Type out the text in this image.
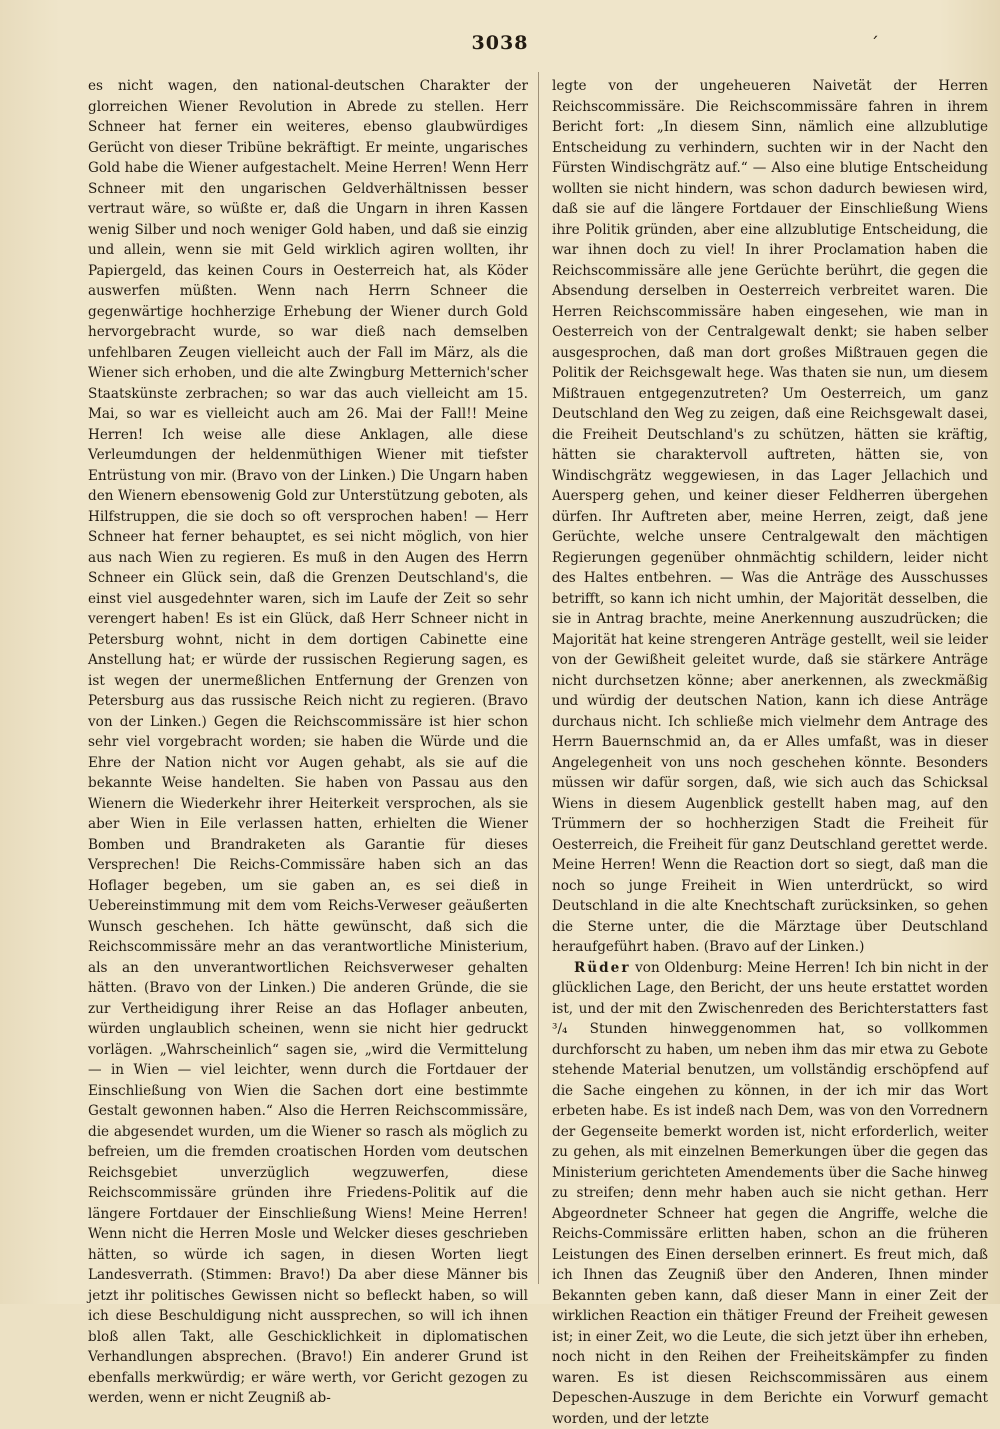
3038	´

es nicht wagen, den national-deutschen Charakter der glorreichen Wiener Revolution in Abrede zu stellen. Herr Schneer hat ferner ein weiteres, ebenso glaubwürdiges Gerücht von dieser Tribüne bekräftigt. Er meinte, ungarisches Gold habe die Wiener aufgestachelt. Meine Herren! Wenn Herr Schneer mit den ungarischen Geldverhältnissen besser vertraut wäre, so wüßte er, daß die Ungarn in ihren Kassen wenig Silber und noch weniger Gold haben, und daß sie einzig und allein, wenn sie mit Geld wirklich agiren wollten, ihr Papiergeld, das keinen Cours in Oesterreich hat, als Köder auswerfen müßten. Wenn nach Herrn Schneer die gegenwärtige hochherzige Erhebung der Wiener durch Gold hervorgebracht wurde, so war dieß nach demselben unfehlbaren Zeugen vielleicht auch der Fall im März, als die Wiener sich erhoben, und die alte Zwingburg Metternich'scher Staatskünste zerbrachen; so war das auch vielleicht am 15. Mai, so war es vielleicht auch am 26. Mai der Fall!! Meine Herren! Ich weise alle diese Anklagen, alle diese Verleumdungen der heldenmüthigen Wiener mit tiefster Entrüstung von mir. (Bravo von der Linken.) Die Ungarn haben den Wienern ebensowenig Gold zur Unterstützung geboten, als Hilfstruppen, die sie doch so oft versprochen haben! — Herr Schneer hat ferner behauptet, es sei nicht möglich, von hier aus nach Wien zu regieren. Es muß in den Augen des Herrn Schneer ein Glück sein, daß die Grenzen Deutschland's, die einst viel ausgedehnter waren, sich im Laufe der Zeit so sehr verengert haben! Es ist ein Glück, daß Herr Schneer nicht in Petersburg wohnt, nicht in dem dortigen Cabinette eine Anstellung hat; er würde der russischen Regierung sagen, es ist wegen der unermeßlichen Entfernung der Grenzen von Petersburg aus das russische Reich nicht zu regieren. (Bravo von der Linken.) Gegen die Reichscommissäre ist hier schon sehr viel vorgebracht worden; sie haben die Würde und die Ehre der Nation nicht vor Augen gehabt, als sie auf die bekannte Weise handelten. Sie haben von Passau aus den Wienern die Wiederkehr ihrer Heiterkeit versprochen, als sie aber Wien in Eile verlassen hatten, erhielten die Wiener Bomben und Brandraketen als Garantie für dieses Versprechen! Die Reichs-Commissäre haben sich an das Hoflager begeben, um sie gaben an, es sei dieß in Uebereinstimmung mit dem vom Reichs-Verweser geäußerten Wunsch geschehen. Ich hätte gewünscht, daß sich die Reichscommissäre mehr an das verantwortliche Ministerium, als an den unverantwortlichen Reichsverweser gehalten hätten. (Bravo von der Linken.) Die anderen Gründe, die sie zur Vertheidigung ihrer Reise an das Hoflager anbeuten, würden unglaublich scheinen, wenn sie nicht hier gedruckt vorlägen. „Wahrscheinlich“ sagen sie, „wird die Vermittelung — in Wien — viel leichter, wenn durch die Fortdauer der Einschließung von Wien die Sachen dort eine bestimmte Gestalt gewonnen haben.“ Also die Herren Reichscommissäre, die abgesendet wurden, um die Wiener so rasch als möglich zu befreien, um die fremden croatischen Horden vom deutschen Reichsgebiet unverzüglich wegzuwerfen, diese Reichscommissäre gründen ihre Friedens-Politik auf die längere Fortdauer der Einschließung Wiens! Meine Herren! Wenn nicht die Herren Mosle und Welcker dieses geschrieben hätten, so würde ich sagen, in diesen Worten liegt Landesverrath. (Stimmen: Bravo!) Da aber diese Männer bis jetzt ihr politisches Gewissen nicht so befleckt haben, so will ich diese Beschuldigung nicht aussprechen, so will ich ihnen bloß allen Takt, alle Geschicklichkeit in diplomatischen Verhandlungen absprechen. (Bravo!) Ein anderer Grund ist ebenfalls merkwürdig; er wäre werth, vor Gericht gezogen zu werden, wenn er nicht Zeugniß ab-

legte von der ungeheueren Naivetät der Herren Reichscommissäre. Die Reichscommissäre fahren in ihrem Bericht fort: „In diesem Sinn, nämlich eine allzublutige Entscheidung zu verhindern, suchten wir in der Nacht den Fürsten Windischgrätz auf.“ — Also eine blutige Entscheidung wollten sie nicht hindern, was schon dadurch bewiesen wird, daß sie auf die längere Fortdauer der Einschließung Wiens ihre Politik gründen, aber eine allzublutige Entscheidung, die war ihnen doch zu viel! In ihrer Proclamation haben die Reichscommissäre alle jene Gerüchte berührt, die gegen die Absendung derselben in Oesterreich verbreitet waren. Die Herren Reichscommissäre haben eingesehen, wie man in Oesterreich von der Centralgewalt denkt; sie haben selber ausgesprochen, daß man dort großes Mißtrauen gegen die Politik der Reichsgewalt hege. Was thaten sie nun, um diesem Mißtrauen entgegenzutreten? Um Oesterreich, um ganz Deutschland den Weg zu zeigen, daß eine Reichsgewalt dasei, die Freiheit Deutschland's zu schützen, hätten sie kräftig, hätten sie charaktervoll auftreten, hätten sie, von Windischgrätz weggewiesen, in das Lager Jellachich und Auersperg gehen, und keiner dieser Feldherren übergehen dürfen. Ihr Auftreten aber, meine Herren, zeigt, daß jene Gerüchte, welche unsere Centralgewalt den mächtigen Regierungen gegenüber ohnmächtig schildern, leider nicht des Haltes entbehren. — Was die Anträge des Ausschusses betrifft, so kann ich nicht umhin, der Majorität desselben, die sie in Antrag brachte, meine Anerkennung auszudrücken; die Majorität hat keine strengeren Anträge gestellt, weil sie leider von der Gewißheit geleitet wurde, daß sie stärkere Anträge nicht durchsetzen könne; aber anerkennen, als zweckmäßig und würdig der deutschen Nation, kann ich diese Anträge durchaus nicht. Ich schließe mich vielmehr dem Antrage des Herrn Bauernschmid an, da er Alles umfaßt, was in dieser Angelegenheit von uns noch geschehen könnte. Besonders müssen wir dafür sorgen, daß, wie sich auch das Schicksal Wiens in diesem Augenblick gestellt haben mag, auf den Trümmern der so hochherzigen Stadt die Freiheit für Oesterreich, die Freiheit für ganz Deutschland gerettet werde. Meine Herren! Wenn die Reaction dort so siegt, daß man die noch so junge Freiheit in Wien unterdrückt, so wird Deutschland in die alte Knechtschaft zurücksinken, so gehen die Sterne unter, die die Märztage über Deutschland heraufgeführt haben. (Bravo auf der Linken.)

Rüder von Oldenburg: Meine Herren! Ich bin nicht in der glücklichen Lage, den Bericht, der uns heute erstattet worden ist, und der mit den Zwischenreden des Berichterstatters fast ³/₄ Stunden hinweggenommen hat, so vollkommen durchforscht zu haben, um neben ihm das mir etwa zu Gebote stehende Material benutzen, um vollständig erschöpfend auf die Sache eingehen zu können, in der ich mir das Wort erbeten habe. Es ist indeß nach Dem, was von den Vorrednern der Gegenseite bemerkt worden ist, nicht erforderlich, weiter zu gehen, als mit einzelnen Bemerkungen über die gegen das Ministerium gerichteten Amendements über die Sache hinweg zu streifen; denn mehr haben auch sie nicht gethan. Herr Abgeordneter Schneer hat gegen die Angriffe, welche die Reichs-Commissäre erlitten haben, schon an die früheren Leistungen des Einen derselben erinnert. Es freut mich, daß ich Ihnen das Zeugniß über den Anderen, Ihnen minder Bekannten geben kann, daß dieser Mann in einer Zeit der wirklichen Reaction ein thätiger Freund der Freiheit gewesen ist; in einer Zeit, wo die Leute, die sich jetzt über ihn erheben, noch nicht in den Reihen der Freiheitskämpfer zu finden waren. Es ist diesen Reichscommissären aus einem Depeschen-Auszuge in dem Berichte ein Vorwurf gemacht worden, und der letzte
